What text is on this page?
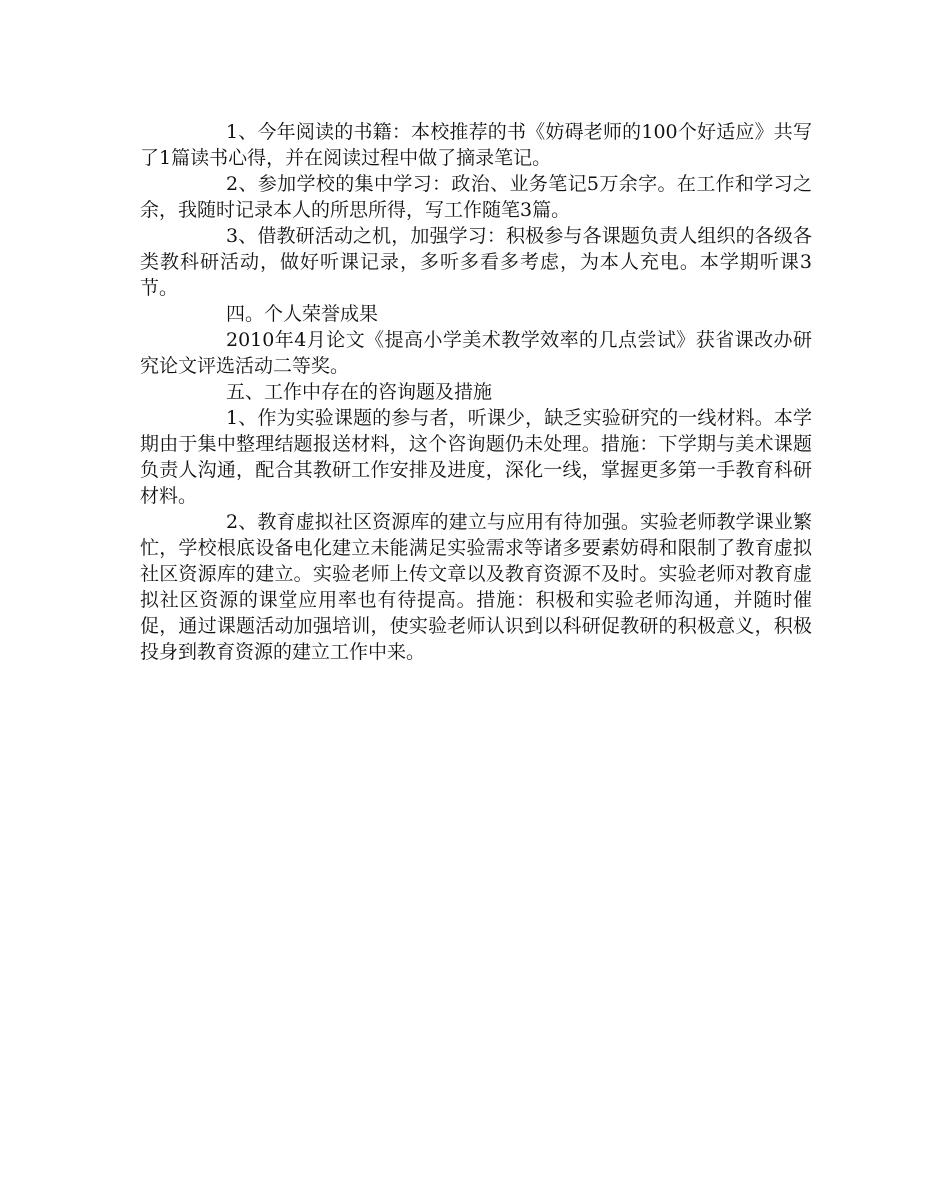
1、今年阅读的书籍：本校推荐的书《妨碍老师的100个好适应》共写了1篇读书心得，并在阅读过程中做了摘录笔记。

2、参加学校的集中学习：政治、业务笔记5万余字。在工作和学习之余，我随时记录本人的所思所得，写工作随笔3篇。

3、借教研活动之机，加强学习：积极参与各课题负责人组织的各级各类教科研活动，做好听课记录，多听多看多考虑，为本人充电。本学期听课3节。

四。个人荣誉成果

2010年4月论文《提高小学美术教学效率的几点尝试》获省课改办研究论文评选活动二等奖。

五、工作中存在的咨询题及措施

1、作为实验课题的参与者，听课少，缺乏实验研究的一线材料。本学期由于集中整理结题报送材料，这个咨询题仍未处理。措施：下学期与美术课题负责人沟通，配合其教研工作安排及进度，深化一线，掌握更多第一手教育科研材料。

2、教育虚拟社区资源库的建立与应用有待加强。实验老师教学课业繁忙，学校根底设备电化建立未能满足实验需求等诸多要素妨碍和限制了教育虚拟社区资源库的建立。实验老师上传文章以及教育资源不及时。实验老师对教育虚拟社区资源的课堂应用率也有待提高。措施：积极和实验老师沟通，并随时催促，通过课题活动加强培训，使实验老师认识到以科研促教研的积极意义，积极投身到教育资源的建立工作中来。
